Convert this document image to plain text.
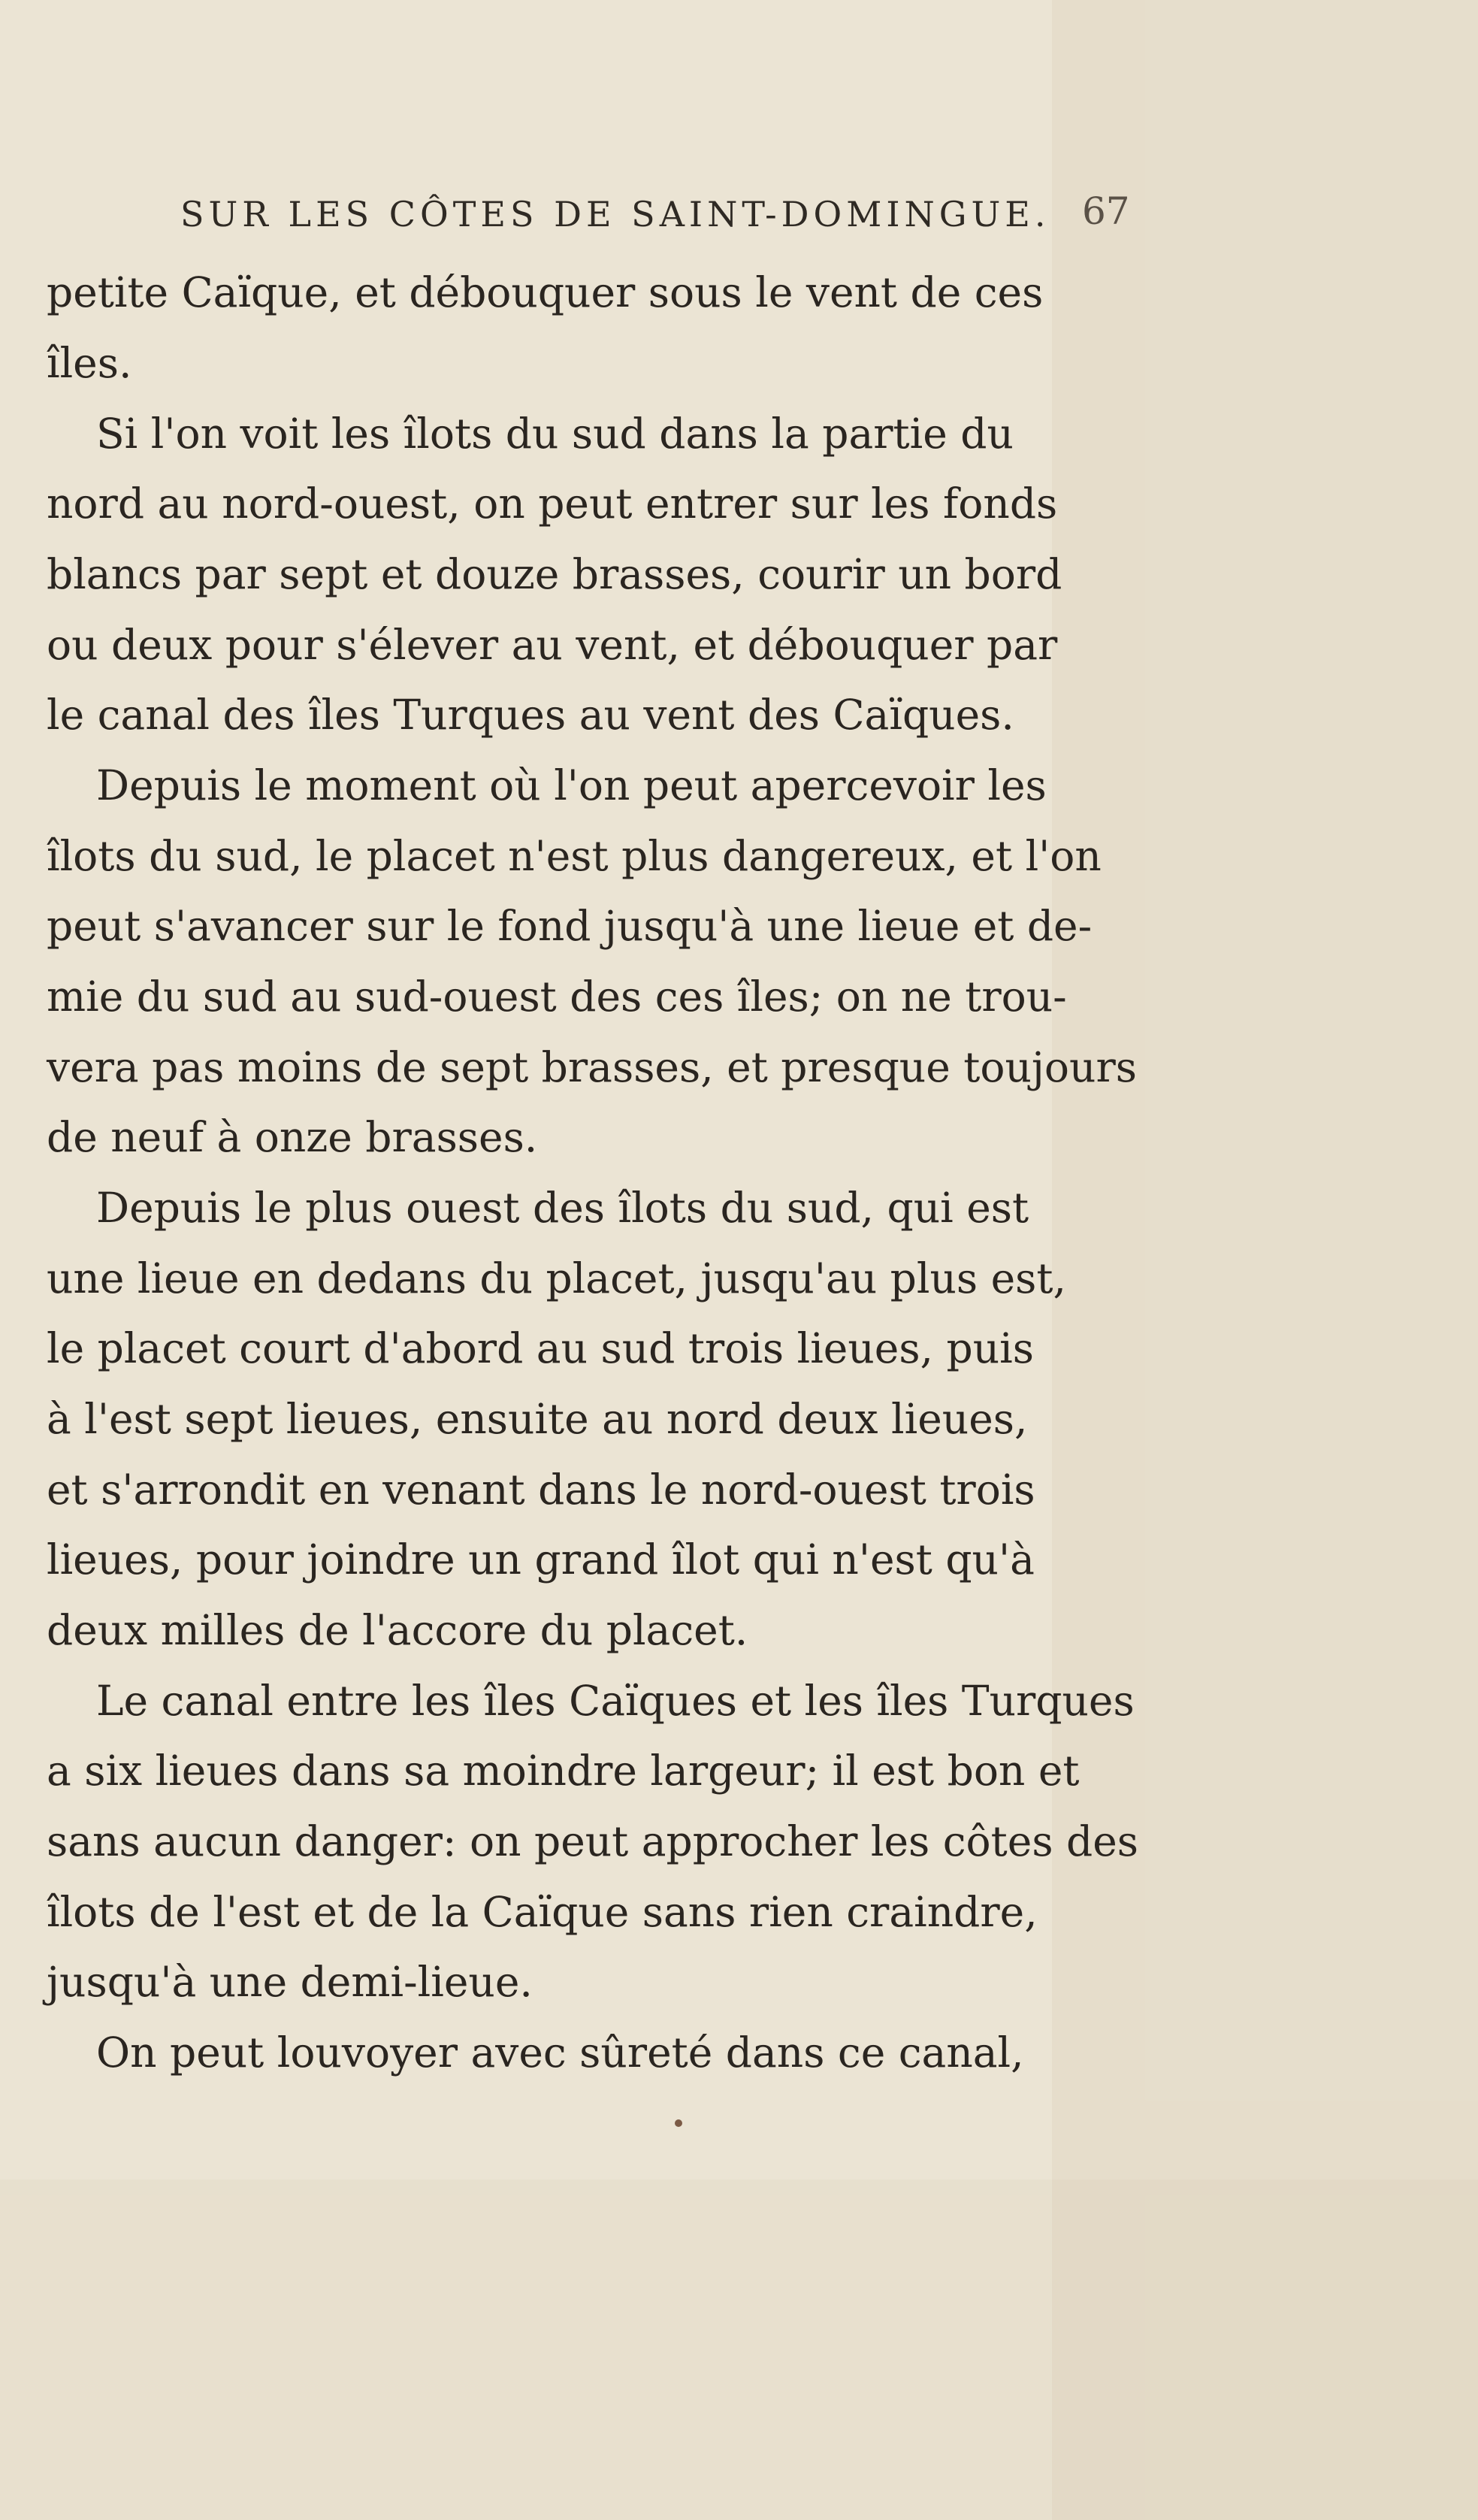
SUR LES CÔTES DE SAINT-DOMINGUE. 67
petite Caïque, et débouquer sous le vent de ces
îles.
Si l'on voit les îlots du sud dans la partie du
nord au nord-ouest, on peut entrer sur les fonds
blancs par sept et douze brasses, courir un bord
ou deux pour s'élever au vent, et débouquer par
le canal des îles Turques au vent des Caïques.
Depuis le moment où l'on peut apercevoir les
îlots du sud, le placet n'est plus dangereux, et l'on
peut s'avancer sur le fond jusqu'à une lieue et de-
mie du sud au sud-ouest des ces îles; on ne trou-
vera pas moins de sept brasses, et presque toujours
de neuf à onze brasses.
Depuis le plus ouest des îlots du sud, qui est
une lieue en dedans du placet, jusqu'au plus est,
le placet court d'abord au sud trois lieues, puis
à l'est sept lieues, ensuite au nord deux lieues,
et s'arrondit en venant dans le nord-ouest trois
lieues, pour joindre un grand îlot qui n'est qu'à
deux milles de l'accore du placet.
Le canal entre les îles Caïques et les îles Turques
a six lieues dans sa moindre largeur; il est bon et
sans aucun danger: on peut approcher les côtes des
îlots de l'est et de la Caïque sans rien craindre,
jusqu'à une demi-lieue.
On peut louvoyer avec sûreté dans ce canal,
